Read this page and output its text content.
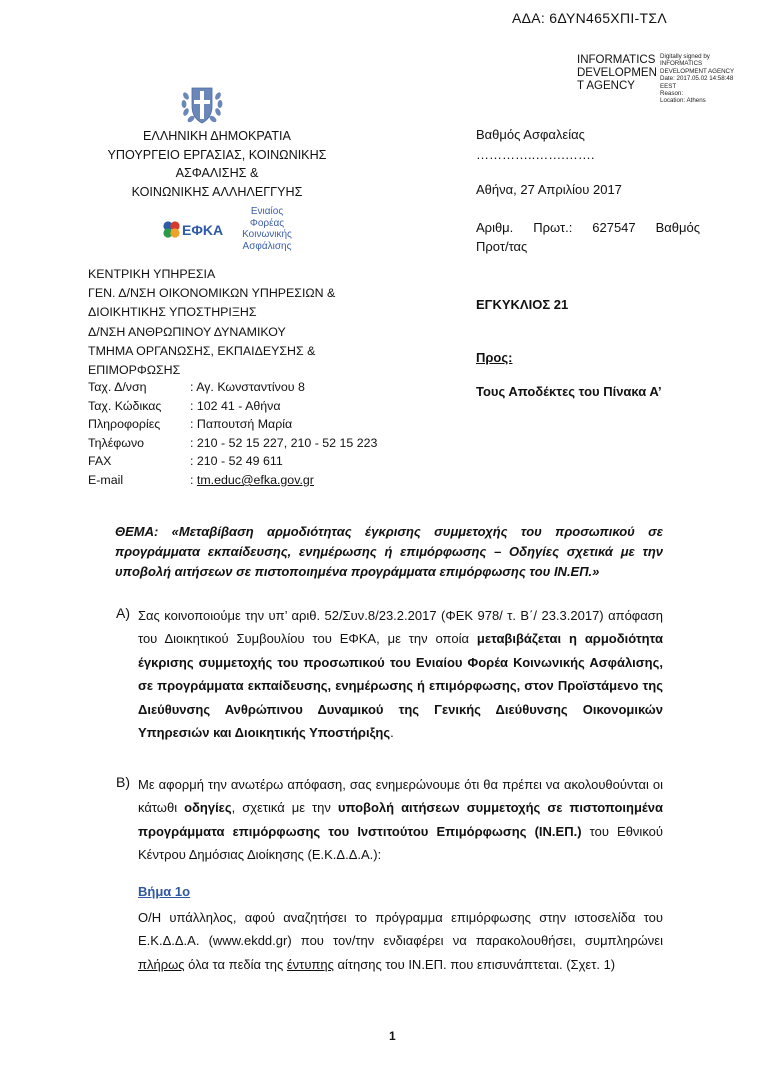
ΑΔΑ: 6ΔΥΝ465ΧΠΙ-ΤΣΛ
INFORMATICS
DEVELOPMEN
T AGENCY
Digitally signed by
INFORMATICS
DEVELOPMENT AGENCY
Date: 2017.05.02 14:58:48
EEST
Reason:
Location: Athens
ΕΛΛΗΝΙΚΗ ΔΗΜΟΚΡΑΤΙΑ
ΥΠΟΥΡΓΕΙΟ ΕΡΓΑΣΙΑΣ, ΚΟΙΝΩΝΙΚΗΣ
ΑΣΦΑΛΙΣΗΣ &
ΚΟΙΝΩΝΙΚΗΣ ΑΛΛΗΛΕΓΓΥΗΣ
ΕΦΚΑ
Ενιαίος
Φορέας
Κοινωνικής
Ασφάλισης
Βαθμός Ασφαλείας
…………..…….…….
Αθήνα, 27 Απριλίου 2017
Αριθμ. Πρωτ.: 627547 Βαθμός
Προτ/τας
ΕΓΚΥΚΛΙΟΣ 21
Προς:
Τους Αποδέκτες του Πίνακα Α’
ΚΕΝΤΡΙΚΗ ΥΠΗΡΕΣΙΑ
ΓΕΝ. Δ/ΝΣΗ ΟΙΚΟΝΟΜΙΚΩΝ ΥΠΗΡΕΣΙΩΝ &
ΔΙΟΙΚΗΤΙΚΗΣ ΥΠΟΣΤΗΡΙΞΗΣ
Δ/ΝΣΗ ΑΝΘΡΩΠΙΝΟΥ ΔΥΝΑΜΙΚΟΥ
ΤΜΗΜΑ ΟΡΓΑΝΩΣΗΣ, ΕΚΠΑΙΔΕΥΣΗΣ &
ΕΠΙΜΟΡΦΩΣΗΣ
Ταχ. Δ/νση	: Αγ. Κωνσταντίνου 8
Ταχ. Κώδικας	: 102 41 - Αθήνα
Πληροφορίες	: Παπουτσή Μαρία
Τηλέφωνο	: 210 - 52 15 227, 210 - 52 15 223
FAX	: 210 - 52 49 611
E-mail	: tm.educ@efka.gov.gr
ΘΕΜΑ: «Μεταβίβαση αρμοδιότητας έγκρισης συμμετοχής του προσωπικού σε προγράμματα εκπαίδευσης, ενημέρωσης ή επιμόρφωσης – Οδηγίες σχετικά με την υποβολή αιτήσεων σε πιστοποιημένα προγράμματα επιμόρφωσης του ΙΝ.ΕΠ.»
Α) Σας κοινοποιούμε την υπ’ αριθ. 52/Συν.8/23.2.2017 (ΦΕΚ 978/ τ. Β΄/ 23.3.2017) απόφαση του Διοικητικού Συμβουλίου του ΕΦΚΑ, με την οποία μεταβιβάζεται η αρμοδιότητα έγκρισης συμμετοχής του προσωπικού του Ενιαίου Φορέα Κοινωνικής Ασφάλισης, σε προγράμματα εκπαίδευσης, ενημέρωσης ή επιμόρφωσης, στον Προϊστάμενο της Διεύθυνσης Ανθρώπινου Δυναμικού της Γενικής Διεύθυνσης Οικονομικών Υπηρεσιών και Διοικητικής Υποστήριξης.
Β) Με αφορμή την ανωτέρω απόφαση, σας ενημερώνουμε ότι θα πρέπει να ακολουθούνται οι κάτωθι οδηγίες, σχετικά με την υποβολή αιτήσεων συμμετοχής σε πιστοποιημένα προγράμματα επιμόρφωσης του Ινστιτούτου Επιμόρφωσης (ΙΝ.ΕΠ.) του Εθνικού Κέντρου Δημόσιας Διοίκησης (Ε.Κ.Δ.Δ.Α.):
Βήμα 1ο
Ο/Η υπάλληλος, αφού αναζητήσει το πρόγραμμα επιμόρφωσης στην ιστοσελίδα του Ε.Κ.Δ.Δ.Α. (www.ekdd.gr) που τον/την ενδιαφέρει να παρακολουθήσει, συμπληρώνει πλήρως όλα τα πεδία της έντυπης αίτησης του ΙΝ.ΕΠ. που επισυνάπτεται. (Σχετ. 1)
1
